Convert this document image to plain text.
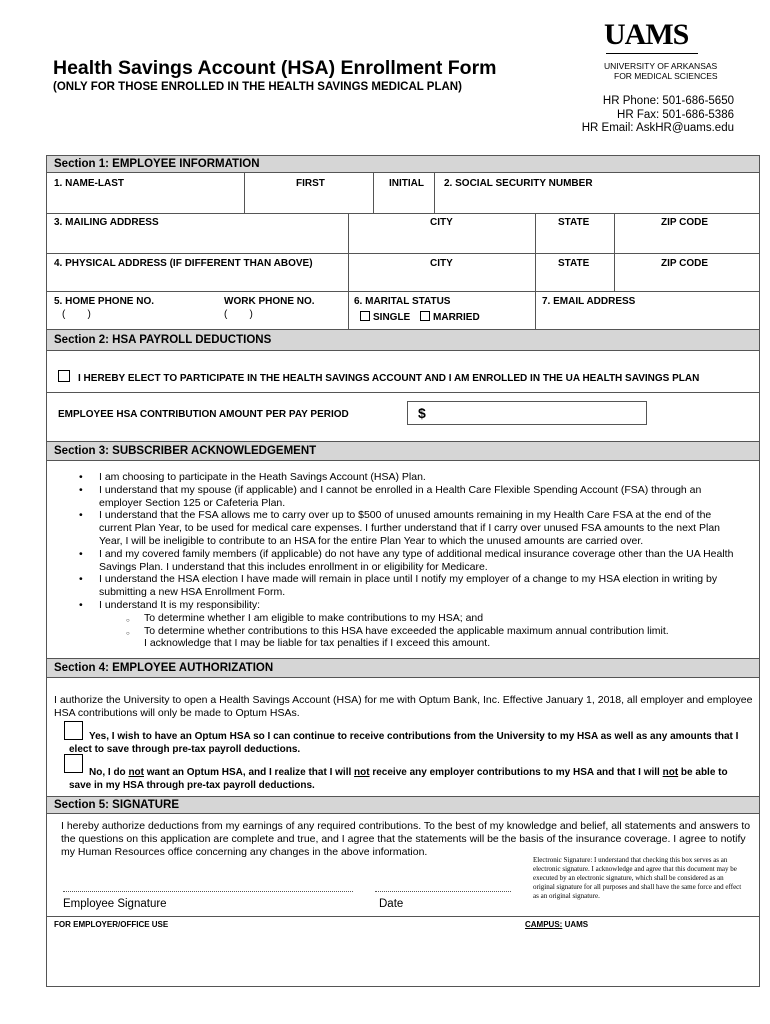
Health Savings Account (HSA) Enrollment Form
(ONLY FOR THOSE ENROLLED IN THE HEALTH SAVINGS MEDICAL PLAN)
UAMS
UNIVERSITY OF ARKANSAS
FOR MEDICAL SCIENCES
HR Phone: 501-686-5650
HR Fax: 501-686-5386
HR Email: AskHR@uams.edu
Section 1: EMPLOYEE INFORMATION
1. NAME-LAST	FIRST	INITIAL 2. SOCIAL SECURITY NUMBER
3. MAILING ADDRESS	CITY	STATE	ZIP CODE
4. PHYSICAL ADDRESS (IF DIFFERENT THAN ABOVE)	CITY	STATE	ZIP CODE
5. HOME PHONE NO.
(        )
WORK PHONE NO.
(        )
6. MARITAL STATUS
SINGLE MARRIED
7. EMAIL ADDRESS
Section 2: HSA PAYROLL DEDUCTIONS
I HEREBY ELECT TO PARTICIPATE IN THE HEALTH SAVINGS ACCOUNT AND I AM ENROLLED IN THE UA HEALTH SAVINGS PLAN
EMPLOYEE HSA CONTRIBUTION AMOUNT PER PAY PERIOD	$
Section 3: SUBSCRIBER ACKNOWLEDGEMENT
• I am choosing to participate in the Heath Savings Account (HSA) Plan.
• I understand that my spouse (if applicable) and I cannot be enrolled in a Health Care Flexible Spending Account (FSA) through an employer Section 125 or Cafeteria Plan.
• I understand that the FSA allows me to carry over up to $500 of unused amounts remaining in my Health Care FSA at the end of the current Plan Year, to be used for medical care expenses. I further understand that if I carry over unused FSA amounts to the next Plan Year, I will be ineligible to contribute to an HSA for the entire Plan Year to which the unused amounts are carried over.
• I and my covered family members (if applicable) do not have any type of additional medical insurance coverage other than the UA Health Savings Plan. I understand that this includes enrollment in or eligibility for Medicare.
• I understand the HSA election I have made will remain in place until I notify my employer of a change to my HSA election in writing by submitting a new HSA Enrollment Form.
• I understand It is my responsibility:
○ To determine whether I am eligible to make contributions to my HSA; and
○ To determine whether contributions to this HSA have exceeded the applicable maximum annual contribution limit.
I acknowledge that I may be liable for tax penalties if I exceed this amount.
Section 4: EMPLOYEE AUTHORIZATION
I authorize the University to open a Health Savings Account (HSA) for me with Optum Bank, Inc. Effective January 1, 2018, all employer and employee HSA contributions will only be made to Optum HSAs.
Yes, I wish to have an Optum HSA so I can continue to receive contributions from the University to my HSA as well as any amounts that I
elect to save through pre-tax payroll deductions.
No, I do not want an Optum HSA, and I realize that I will not receive any employer contributions to my HSA and that I will not be able to
save in my HSA through pre-tax payroll deductions.
Section 5: SIGNATURE
I hereby authorize deductions from my earnings of any required contributions. To the best of my knowledge and belief, all statements and answers to the questions on this application are complete and true, and I agree that the statements will be the basis of the insurance coverage. I agree to notify my Human Resources office concerning any changes in the above information.
Electronic Signature: I understand that checking this box serves as an electronic signature. I acknowledge and agree that this document may be executed by an electronic signature, which shall be considered as an original signature for all purposes and shall have the same force and effect as an original signature.
Employee Signature	Date
FOR EMPLOYER/OFFICE USE	CAMPUS: UAMS
